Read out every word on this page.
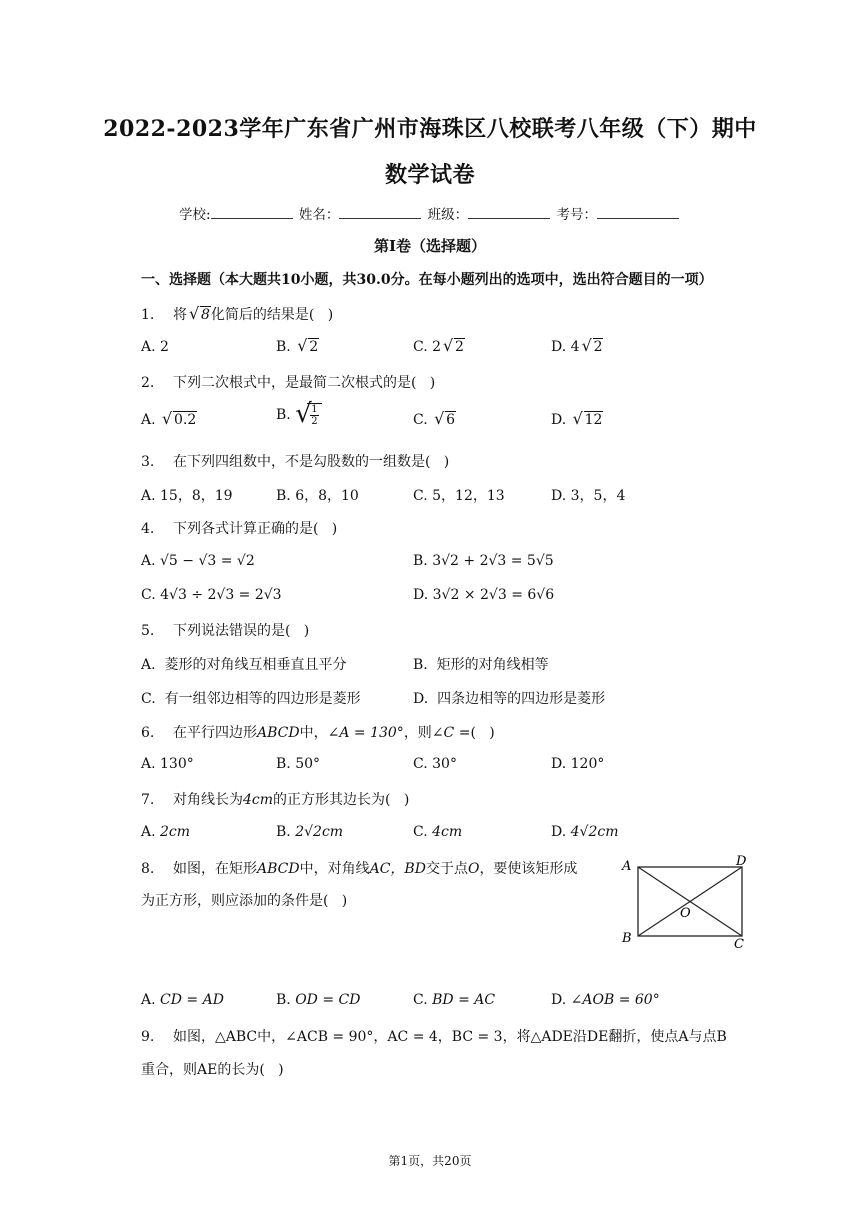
2022-2023学年广东省广州市海珠区八校联考八年级（下）期中
数学试卷
学校:	姓名：	班级：	考号：
第I卷（选择题）
一、选择题（本大题共10小题，共30.0分。在每小题列出的选项中，选出符合题目的一项）
1. 将 √ 8化简后的结果是(   )
A. 2	B. √ 2	C. 2 √ 2	D. 4 √ 2
2. 下列二次根式中，是最简二次根式的是(   )
A. √ 0.2	B. √
$\frac{1}{2}$	C. √ 6	D. √ 12
3. 在下列四组数中，不是勾股数的一组数是(   )
A. 15，8，19	B. 6，8，10	C. 5，12，13	D. 3，5，4
4. 下列各式计算正确的是(   )
A. √5 − √3 = √2	B. 3√2 + 2√3 = 5√5
C. 4√3 ÷ 2√3 = 2√3	D. 3√2 × 2√3 = 6√6
5. 下列说法错误的是(   )
A. 菱形的对角线互相垂直且平分	B. 矩形的对角线相等
C. 有一组邻边相等的四边形是菱形	D. 四条边相等的四边形是菱形
6. 在平行四边形ABCD中，∠A = 130°，则∠C =(   )
A. 130°	B. 50°	C. 30°	D. 120°
7. 对角线长为4cm的正方形其边长为(   )
A. 2cm	B. 2√2cm	C. 4cm	D. 4√2cm
8. 如图，在矩形ABCD中，对角线AC，BD交于点O，要使该矩形成
为正方形，则应添加的条件是(   )
A	D
B	C
O
A. CD = AD	B. OD = CD	C. BD = AC	D. ∠AOB = 60°
9. 如图，△ABC中，∠ACB = 90°，AC = 4，BC = 3，将△ADE沿DE翻折，使点A与点B
重合，则AE的长为(   )
第1页，共20页
